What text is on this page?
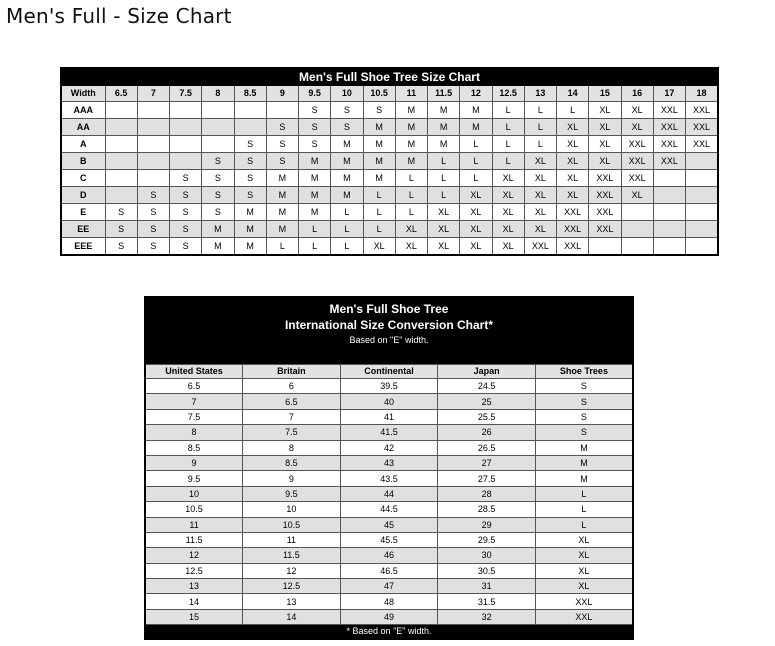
Men's Full - Size Chart
Men's Full Shoe Tree Size Chart																			
Width	6.5	7	7.5	8	8.5	9	9.5	10	10.5	11	11.5	12	12.5	13	14	15	16	17	18
AAA							S	S	S	M	M	M	L	L	L	XL	XL	XXL	XXL
AA						S	S	S	M	M	M	M	L	L	XL	XL	XL	XXL	XXL
A					S	S	S	M	M	M	M	L	L	L	XL	XL	XXL	XXL	XXL
B				S	S	S	M	M	M	M	L	L	L	XL	XL	XL	XXL	XXL	
C			S	S	S	M	M	M	M	L	L	L	XL	XL	XL	XXL	XXL		
D		S	S	S	S	M	M	M	L	L	L	XL	XL	XL	XL	XXL	XL		
E	S	S	S	S	M	M	M	L	L	L	XL	XL	XL	XL	XXL	XXL			
EE	S	S	S	M	M	M	L	L	L	XL	XL	XL	XL	XL	XXL	XXL			
EEE	S	S	S	M	M	L	L	L	XL	XL	XL	XL	XL	XXL	XXL				
Men's Full Shoe Tree
International Size Conversion Chart*
Based on "E" width.				

United States	Britain	Continental	Japan	Shoe Trees
6.5	6	39.5	24.5	S
7	6.5	40	25	S
7.5	7	41	25.5	S
8	7.5	41.5	26	S
8.5	8	42	26.5	M
9	8.5	43	27	M
9.5	9	43.5	27.5	M
10	9.5	44	28	L
10.5	10	44.5	28.5	L
11	10.5	45	29	L
11.5	11	45.5	29.5	XL
12	11.5	46	30	XL
12.5	12	46.5	30.5	XL
13	12.5	47	31	XL
14	13	48	31.5	XXL
15	14	49	32	XXL
* Based on "E" width.				
